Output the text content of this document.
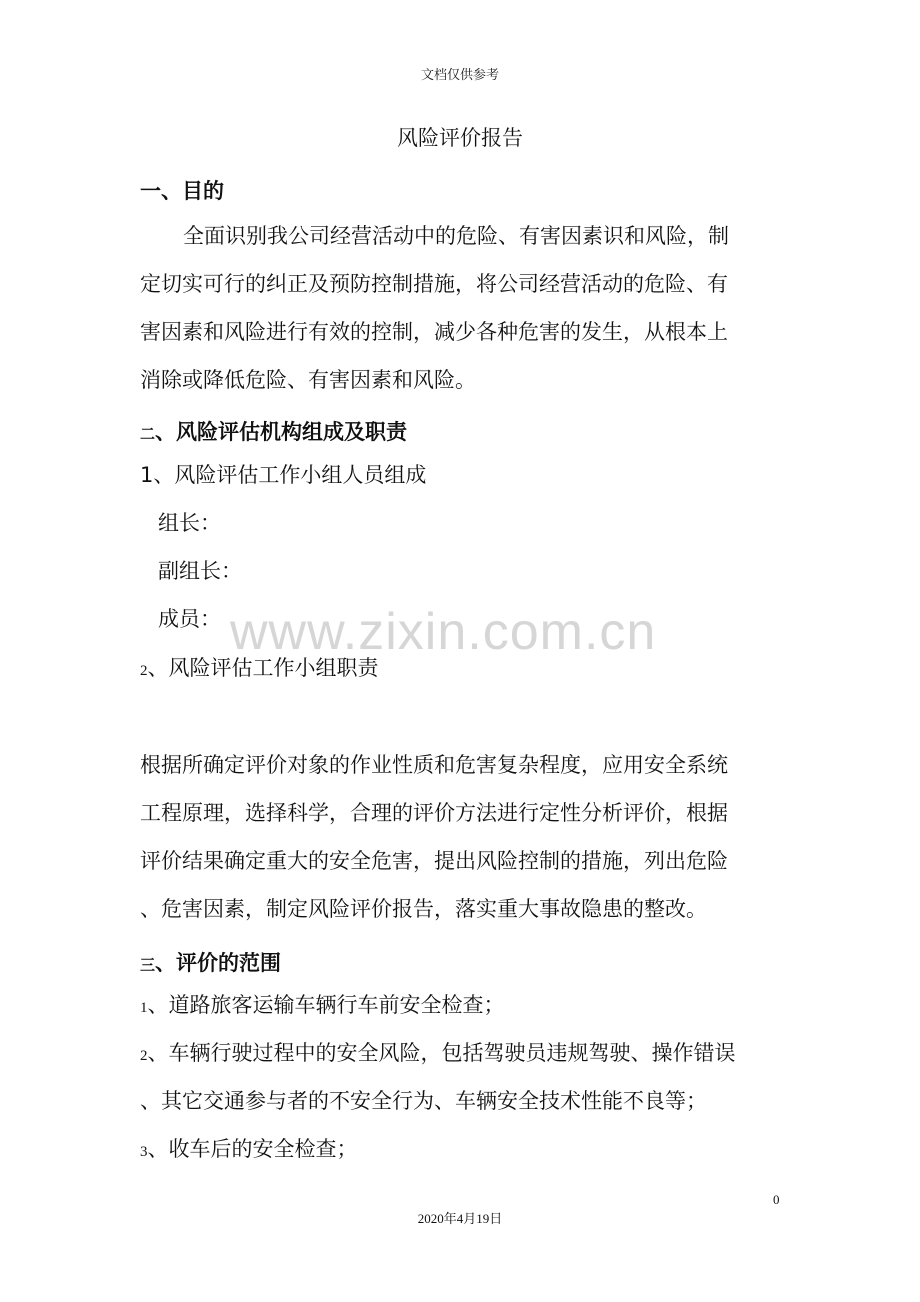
文档仅供参考
风险评价报告
一、目的
全面识别我公司经营活动中的危险、有害因素识和风险，制
定切实可行的纠正及预防控制措施，将公司经营活动的危险、有
害因素和风险进行有效的控制，减少各种危害的发生，从根本上
消除或降低危险、有害因素和风险。
二、风险评估机构组成及职责
1、风险评估工作小组人员组成
组长：
副组长：
成员：
2、风险评估工作小组职责
根据所确定评价对象的作业性质和危害复杂程度，应用安全系统
工程原理，选择科学，合理的评价方法进行定性分析评价，根据
评价结果确定重大的安全危害，提出风险控制的措施，列出危险
、危害因素，制定风险评价报告，落实重大事故隐患的整改。
三、评价的范围
1、道路旅客运输车辆行车前安全检查；
2、车辆行驶过程中的安全风险，包括驾驶员违规驾驶、操作错误
、其它交通参与者的不安全行为、车辆安全技术性能不良等；
3、收车后的安全检查；
www.zixin.com.cn
0
2020年4月19日
